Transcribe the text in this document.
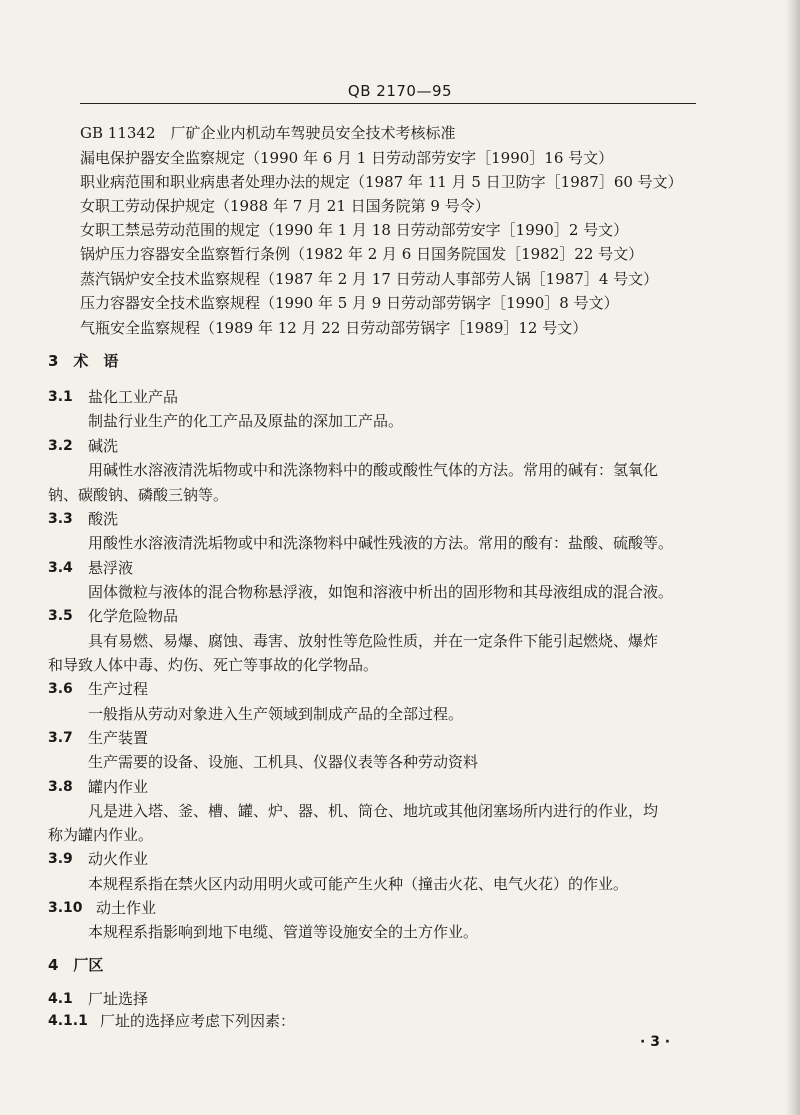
QB 2170—95
GB 11342　厂矿企业内机动车驾驶员安全技术考核标准
漏电保护器安全监察规定（1990 年 6 月 1 日劳动部劳安字［1990］16 号文）
职业病范围和职业病患者处理办法的规定（1987 年 11 月 5 日卫防字［1987］60 号文）
女职工劳动保护规定（1988 年 7 月 21 日国务院第 9 号令）
女职工禁忌劳动范围的规定（1990 年 1 月 18 日劳动部劳安字［1990］2 号文）
锅炉压力容器安全监察暂行条例（1982 年 2 月 6 日国务院国发［1982］22 号文）
蒸汽锅炉安全技术监察规程（1987 年 2 月 17 日劳动人事部劳人锅［1987］4 号文）
压力容器安全技术监察规程（1990 年 5 月 9 日劳动部劳锅字［1990］8 号文）
气瓶安全监察规程（1989 年 12 月 22 日劳动部劳锅字［1989］12 号文）
3　术　语
3.1 盐化工业产品
制盐行业生产的化工产品及原盐的深加工产品。
3.2 碱洗
用碱性水溶液清洗垢物或中和洗涤物料中的酸或酸性气体的方法。常用的碱有：氢氧化
钠、碳酸钠、磷酸三钠等。
3.3 酸洗
用酸性水溶液清洗垢物或中和洗涤物料中碱性残液的方法。常用的酸有：盐酸、硫酸等。
3.4 悬浮液
固体微粒与液体的混合物称悬浮液，如饱和溶液中析出的固形物和其母液组成的混合液。
3.5 化学危险物品
具有易燃、易爆、腐蚀、毒害、放射性等危险性质，并在一定条件下能引起燃烧、爆炸
和导致人体中毒、灼伤、死亡等事故的化学物品。
3.6 生产过程
一般指从劳动对象进入生产领域到制成产品的全部过程。
3.7 生产装置
生产需要的设备、设施、工机具、仪器仪表等各种劳动资料
3.8 罐内作业
凡是进入塔、釜、槽、罐、炉、器、机、筒仓、地坑或其他闭塞场所内进行的作业，均
称为罐内作业。
3.9 动火作业
本规程系指在禁火区内动用明火或可能产生火种（撞击火花、电气火花）的作业。
3.10 动土作业
本规程系指影响到地下电缆、管道等设施安全的土方作业。
4　厂区
4.1 厂址选择
4.1.1 厂址的选择应考虑下列因素：
· 3 ·
